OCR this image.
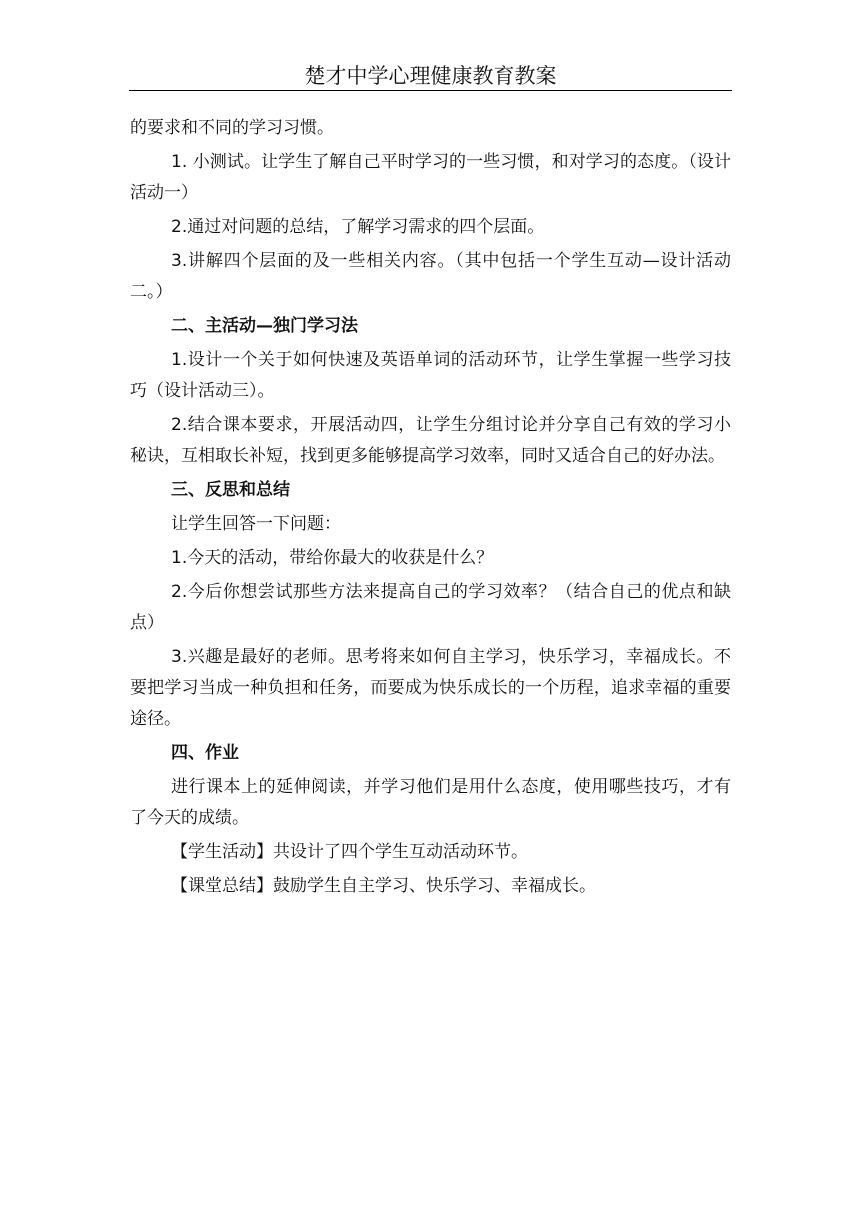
楚才中学心理健康教育教案

的要求和不同的学习习惯。

1. 小测试。让学生了解自己平时学习的一些习惯，和对学习的态度。（设计活动一）

2.通过对问题的总结，了解学习需求的四个层面。

3.讲解四个层面的及一些相关内容。（其中包括一个学生互动—设计活动二。）

二、主活动—独门学习法

1.设计一个关于如何快速及英语单词的活动环节，让学生掌握一些学习技巧（设计活动三）。

2.结合课本要求，开展活动四，让学生分组讨论并分享自己有效的学习小秘诀，互相取长补短，找到更多能够提高学习效率，同时又适合自己的好办法。

三、反思和总结

让学生回答一下问题：

1.今天的活动，带给你最大的收获是什么？

2.今后你想尝试那些方法来提高自己的学习效率？（结合自己的优点和缺点）

3.兴趣是最好的老师。思考将来如何自主学习，快乐学习，幸福成长。不要把学习当成一种负担和任务，而要成为快乐成长的一个历程，追求幸福的重要途径。

四、作业

进行课本上的延伸阅读，并学习他们是用什么态度，使用哪些技巧，才有了今天的成绩。

【学生活动】共设计了四个学生互动活动环节。

【课堂总结】鼓励学生自主学习、快乐学习、幸福成长。
